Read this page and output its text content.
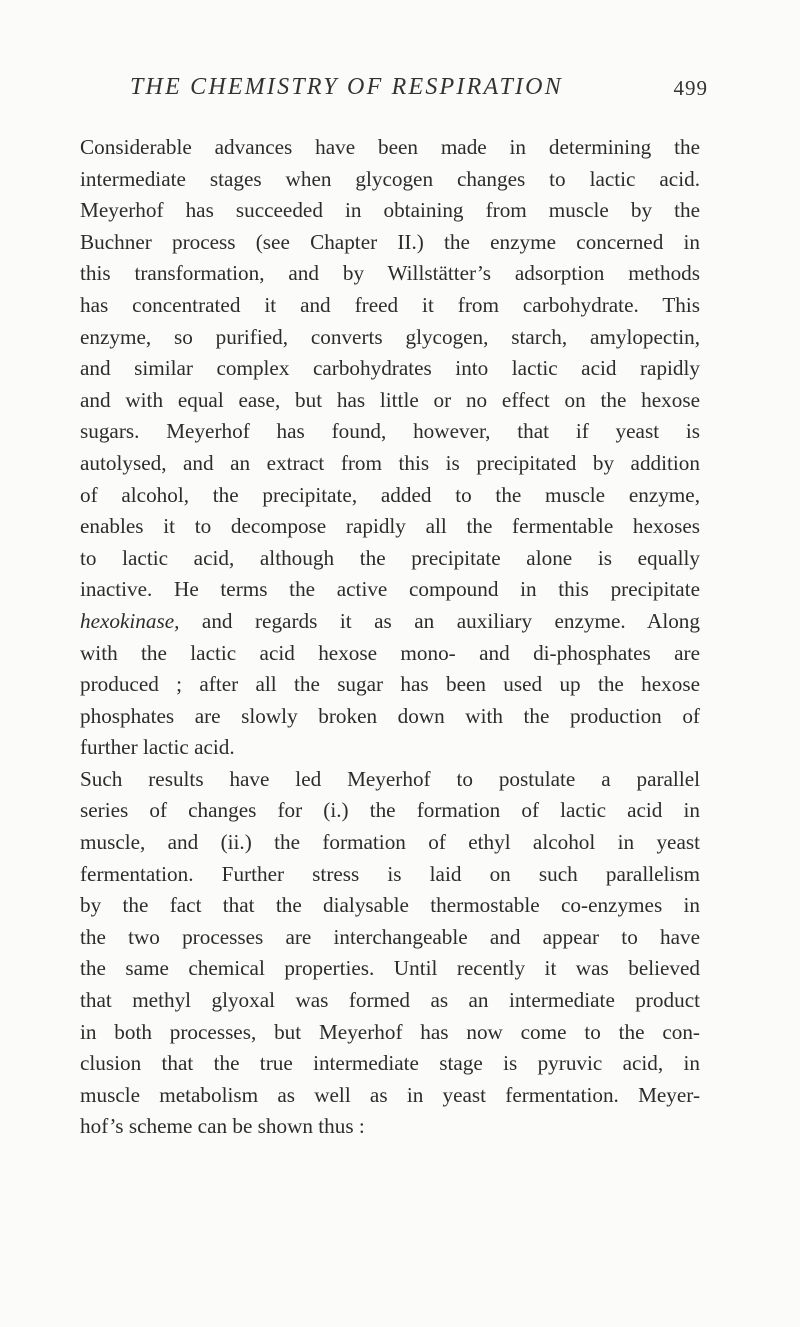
THE CHEMISTRY OF RESPIRATION	499

Considerable advances have been made in determining the
intermediate stages when glycogen changes to lactic acid.
Meyerhof has succeeded in obtaining from muscle by the
Buchner process (see Chapter II.) the enzyme concerned in
this transformation, and by Willstätter’s adsorption methods
has concentrated it and freed it from carbohydrate. This
enzyme, so purified, converts glycogen, starch, amylopectin,
and similar complex carbohydrates into lactic acid rapidly
and with equal ease, but has little or no effect on the hexose
sugars. Meyerhof has found, however, that if yeast is
autolysed, and an extract from this is precipitated by addition
of alcohol, the precipitate, added to the muscle enzyme,
enables it to decompose rapidly all the fermentable hexoses
to lactic acid, although the precipitate alone is equally
inactive. He terms the active compound in this precipitate
hexokinase, and regards it as an auxiliary enzyme. Along
with the lactic acid hexose mono- and di-phosphates are
produced ; after all the sugar has been used up the hexose
phosphates are slowly broken down with the production of
further lactic acid.

Such results have led Meyerhof to postulate a parallel
series of changes for (i.) the formation of lactic acid in
muscle, and (ii.) the formation of ethyl alcohol in yeast
fermentation. Further stress is laid on such parallelism
by the fact that the dialysable thermostable co-enzymes in
the two processes are interchangeable and appear to have
the same chemical properties. Until recently it was believed
that methyl glyoxal was formed as an intermediate product
in both processes, but Meyerhof has now come to the con-
clusion that the true intermediate stage is pyruvic acid, in
muscle metabolism as well as in yeast fermentation. Meyer-
hof’s scheme can be shown thus :
